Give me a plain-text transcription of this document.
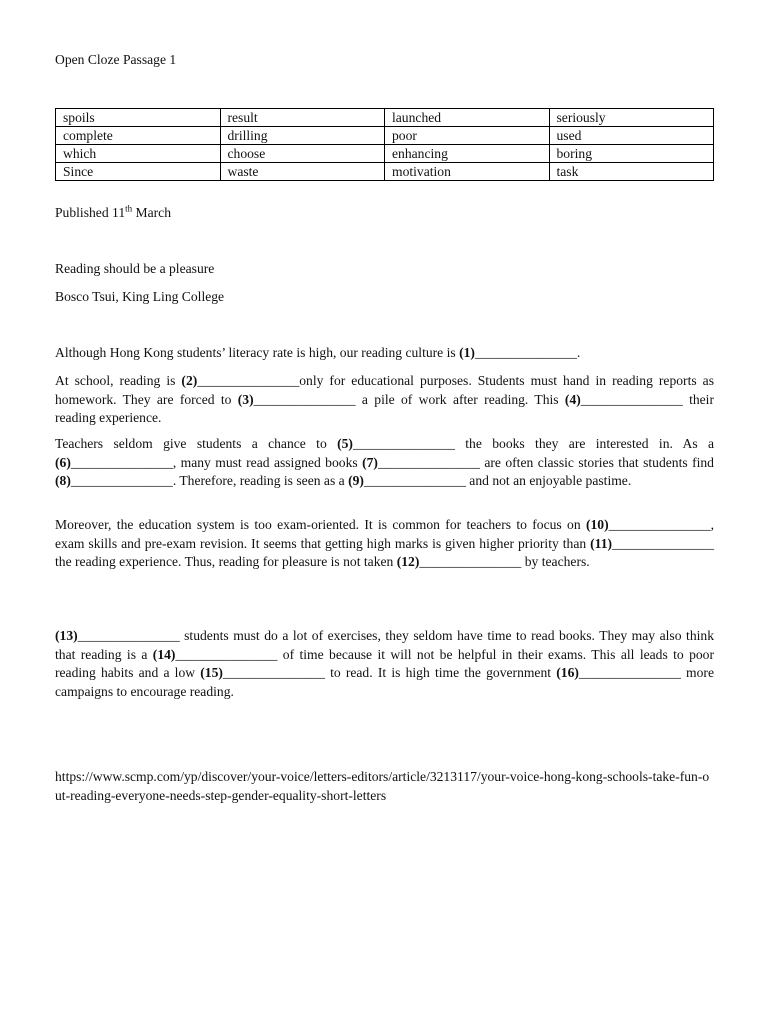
Open Cloze Passage 1
spoils	result	launched	seriously
complete	drilling	poor	used
which	choose	enhancing	boring
Since	waste	motivation	task
Published 11th March
Reading should be a pleasure
Bosco Tsui, King Ling College

Although Hong Kong students’ literacy rate is high, our reading culture is (1)_______________.

At school, reading is (2)_______________only for educational purposes. Students must hand in reading reports as homework. They are forced to (3)_______________ a pile of work after reading. This (4)_______________ their reading experience.

Teachers seldom give students a chance to (5)_______________ the books they are interested in. As a (6)_______________, many must read assigned books (7)_______________ are often classic stories that students find (8)_______________. Therefore, reading is seen as a (9)_______________ and not an enjoyable pastime.

Moreover, the education system is too exam-oriented. It is common for teachers to focus on (10)_______________, exam skills and pre-exam revision. It seems that getting high marks is given higher priority than (11)_______________ the reading experience. Thus, reading for pleasure is not taken (12)_______________ by teachers.

(13)_______________ students must do a lot of exercises, they seldom have time to read books. They may also think that reading is a (14)_______________ of time because it will not be helpful in their exams. This all leads to poor reading habits and a low (15)_______________ to read. It is high time the government (16)_______________ more campaigns to encourage reading.

https://www.scmp.com/yp/discover/your-voice/letters-editors/article/3213117/your-voice-hong-kong-schools-take-fun-out-reading-everyone-needs-step-gender-equality-short-letters
